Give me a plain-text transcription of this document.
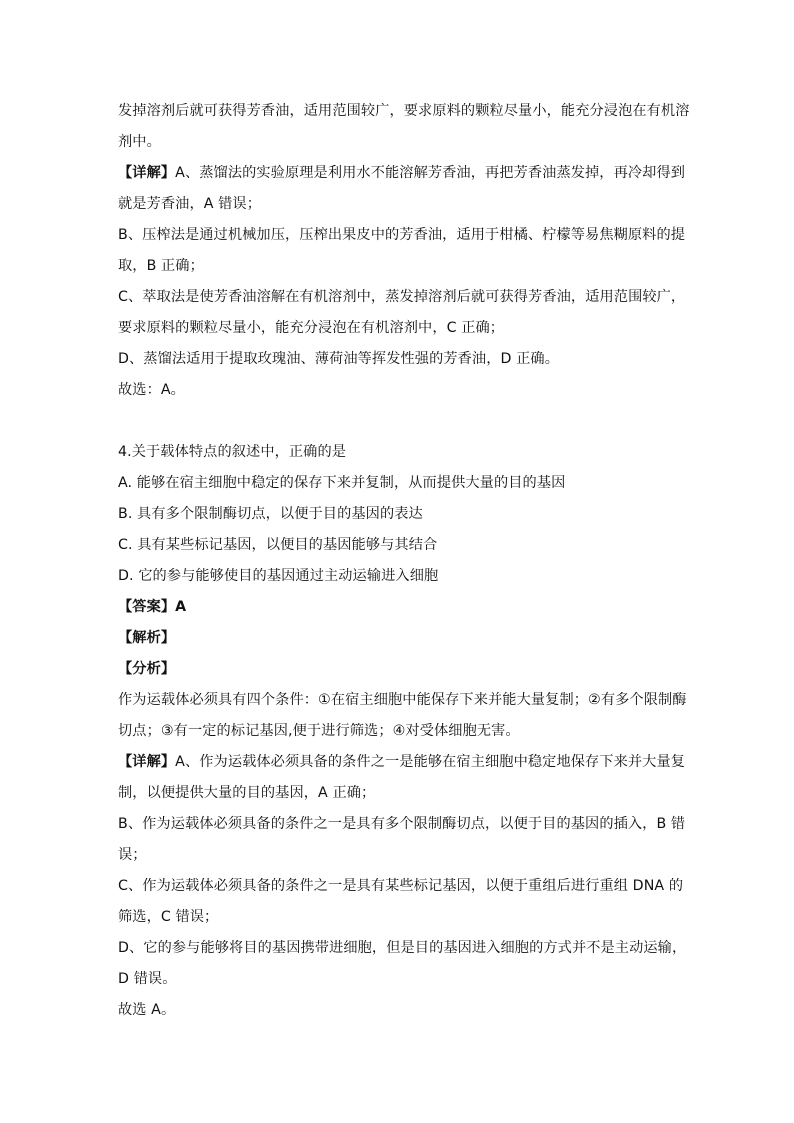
发掉溶剂后就可获得芳香油，适用范围较广，要求原料的颗粒尽量小，能充分浸泡在有机溶
剂中。
【详解】A、蒸馏法的实验原理是利用水不能溶解芳香油，再把芳香油蒸发掉，再冷却得到
就是芳香油，A 错误；
B、压榨法是通过机械加压，压榨出果皮中的芳香油，适用于柑橘、柠檬等易焦糊原料的提
取，B 正确；
C、萃取法是使芳香油溶解在有机溶剂中，蒸发掉溶剂后就可获得芳香油，适用范围较广，
要求原料的颗粒尽量小，能充分浸泡在有机溶剂中，C 正确；
D、蒸馏法适用于提取玫瑰油、薄荷油等挥发性强的芳香油，D 正确。
故选：A。
4.关于载体特点的叙述中，正确的是
A. 能够在宿主细胞中稳定的保存下来并复制，从而提供大量的目的基因
B. 具有多个限制酶切点，以便于目的基因的表达
C. 具有某些标记基因，以便目的基因能够与其结合
D. 它的参与能够使目的基因通过主动运输进入细胞
【答案】A
【解析】
【分析】
作为运载体必须具有四个条件：①在宿主细胞中能保存下来并能大量复制；②有多个限制酶
切点；③有一定的标记基因,便于进行筛选；④对受体细胞无害。
【详解】A、作为运载体必须具备的条件之一是能够在宿主细胞中稳定地保存下来并大量复
制，以便提供大量的目的基因，A 正确；
B、作为运载体必须具备的条件之一是具有多个限制酶切点，以便于目的基因的插入，B 错
误；
C、作为运载体必须具备的条件之一是具有某些标记基因，以便于重组后进行重组 DNA 的
筛选，C 错误；
D、它的参与能够将目的基因携带进细胞，但是目的基因进入细胞的方式并不是主动运输，
D 错误。
故选 A。
